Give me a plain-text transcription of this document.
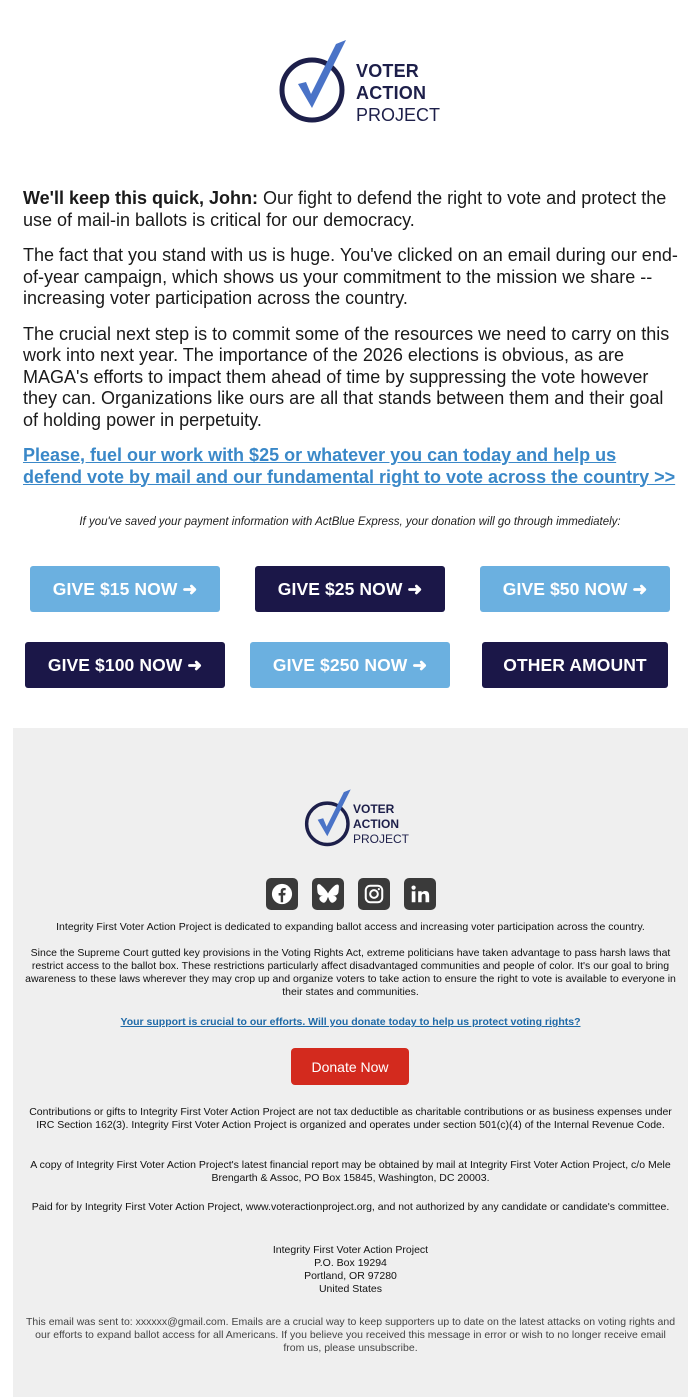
VOTER
ACTION
PROJECT

We'll keep this quick, John: Our fight to defend the right to vote and protect the use of mail-in ballots is critical for our democracy.

The fact that you stand with us is huge. You've clicked on an email during our end-of-year campaign, which shows us your commitment to the mission we share -- increasing voter participation across the country.

The crucial next step is to commit some of the resources we need to carry on this work into next year. The importance of the 2026 elections is obvious, as are MAGA's efforts to impact them ahead of time by suppressing the vote however they can. Organizations like ours are all that stands between them and their goal of holding power in perpetuity.

Please, fuel our work with $25 or whatever you can today and help us defend vote by mail and our fundamental right to vote across the country >>
If you've saved your payment information with ActBlue Express, your donation will go through immediately:
GIVE $15 NOW ➜	GIVE $25 NOW ➜	GIVE $50 NOW ➜
GIVE $100 NOW ➜	GIVE $250 NOW ➜	OTHER AMOUNT
VOTER
ACTION
PROJECT
Integrity First Voter Action Project is dedicated to expanding ballot access and increasing voter participation across the country.
Since the Supreme Court gutted key provisions in the Voting Rights Act, extreme politicians have taken advantage to pass harsh laws that restrict access to the ballot box. These restrictions particularly affect disadvantaged communities and people of color. It's our goal to bring awareness to these laws wherever they may crop up and organize voters to take action to ensure the right to vote is available to everyone in their states and communities.
Your support is crucial to our efforts. Will you donate today to help us protect voting rights?
Donate Now
Contributions or gifts to Integrity First Voter Action Project are not tax deductible as charitable contributions or as business expenses under IRC Section 162(3). Integrity First Voter Action Project is organized and operates under section 501(c)(4) of the Internal Revenue Code.
A copy of Integrity First Voter Action Project's latest financial report may be obtained by mail at Integrity First Voter Action Project, c/o Mele Brengarth & Assoc, PO Box 15845, Washington, DC 20003.
Paid for by Integrity First Voter Action Project, www.voteractionproject.org, and not authorized by any candidate or candidate's committee.
Integrity First Voter Action Project
P.O. Box 19294
Portland, OR 97280
United States
This email was sent to: xxxxxx@gmail.com. Emails are a crucial way to keep supporters up to date on the latest attacks on voting rights and our efforts to expand ballot access for all Americans. If you believe you received this message in error or wish to no longer receive email from us, please unsubscribe.
